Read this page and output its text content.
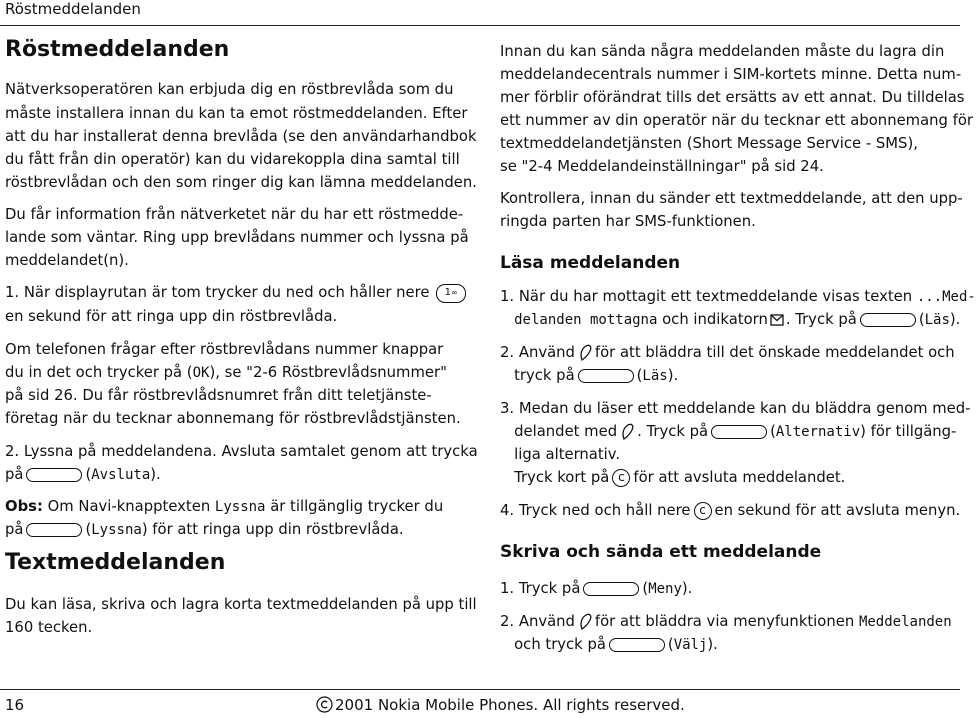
Röstmeddelanden
Röstmeddelanden
Nätverksoperatören kan erbjuda dig en röstbrevlåda som du
måste installera innan du kan ta emot röstmeddelanden. Efter
att du har installerat denna brevlåda (se den användarhandbok
du fått från din operatör) kan du vidarekoppla dina samtal till
röstbrevlådan och den som ringer dig kan lämna meddelanden.
Du får information från nätverketet när du har ett röstmedde-
lande som väntar. Ring upp brevlådans nummer och lyssna på
meddelandet(n).
1. När displayrutan är tom trycker du ned och håller nere 1∞
en sekund för att ringa upp din röstbrevlåda.
Om telefonen frågar efter röstbrevlådans nummer knappar
du in det och trycker på (OK), se "2-6 Röstbrevlådsnummer"
på sid 26. Du får röstbrevlådsnumret från ditt teletjänste-
företag när du tecknar abonnemang för röstbrevlådstjänsten.
2. Lyssna på meddelandena. Avsluta samtalet genom att trycka
på	(Avsluta).
Obs: Om Navi-knapptexten Lyssna är tillgänglig trycker du
på	(Lyssna) för att ringa upp din röstbrevlåda.
Textmeddelanden
Du kan läsa, skriva och lagra korta textmeddelanden på upp till
160 tecken.
Innan du kan sända några meddelanden måste du lagra din
meddelandecentrals nummer i SIM-kortets minne. Detta num-
mer förblir oförändrat tills det ersätts av ett annat. Du tilldelas
ett nummer av din operatör när du tecknar ett abonnemang för
textmeddelandetjänsten (Short Message Service - SMS),
se "2-4 Meddelandeinställningar" på sid 24.
Kontrollera, innan du sänder ett textmeddelande, att den upp-
ringda parten har SMS-funktionen.
Läsa meddelanden
1. När du har mottagit ett textmeddelande visas texten ...Med-
delanden mottagna och indikatorn . Tryck på	(Läs).
2. Använd för att bläddra till det önskade meddelandet och
tryck på	(Läs).
3. Medan du läser ett meddelande kan du bläddra genom med-
delandet med . Tryck på	(Alternativ) för tillgäng-
liga alternativ.
Tryck kort på c för att avsluta meddelandet.
4. Tryck ned och håll nere c en sekund för att avsluta menyn.
Skriva och sända ett meddelande
1. Tryck på	(Meny).
2. Använd för att bläddra via menyfunktionen Meddelanden
och tryck på	(Välj).
16	2001 Nokia Mobile Phones. All rights reserved.
